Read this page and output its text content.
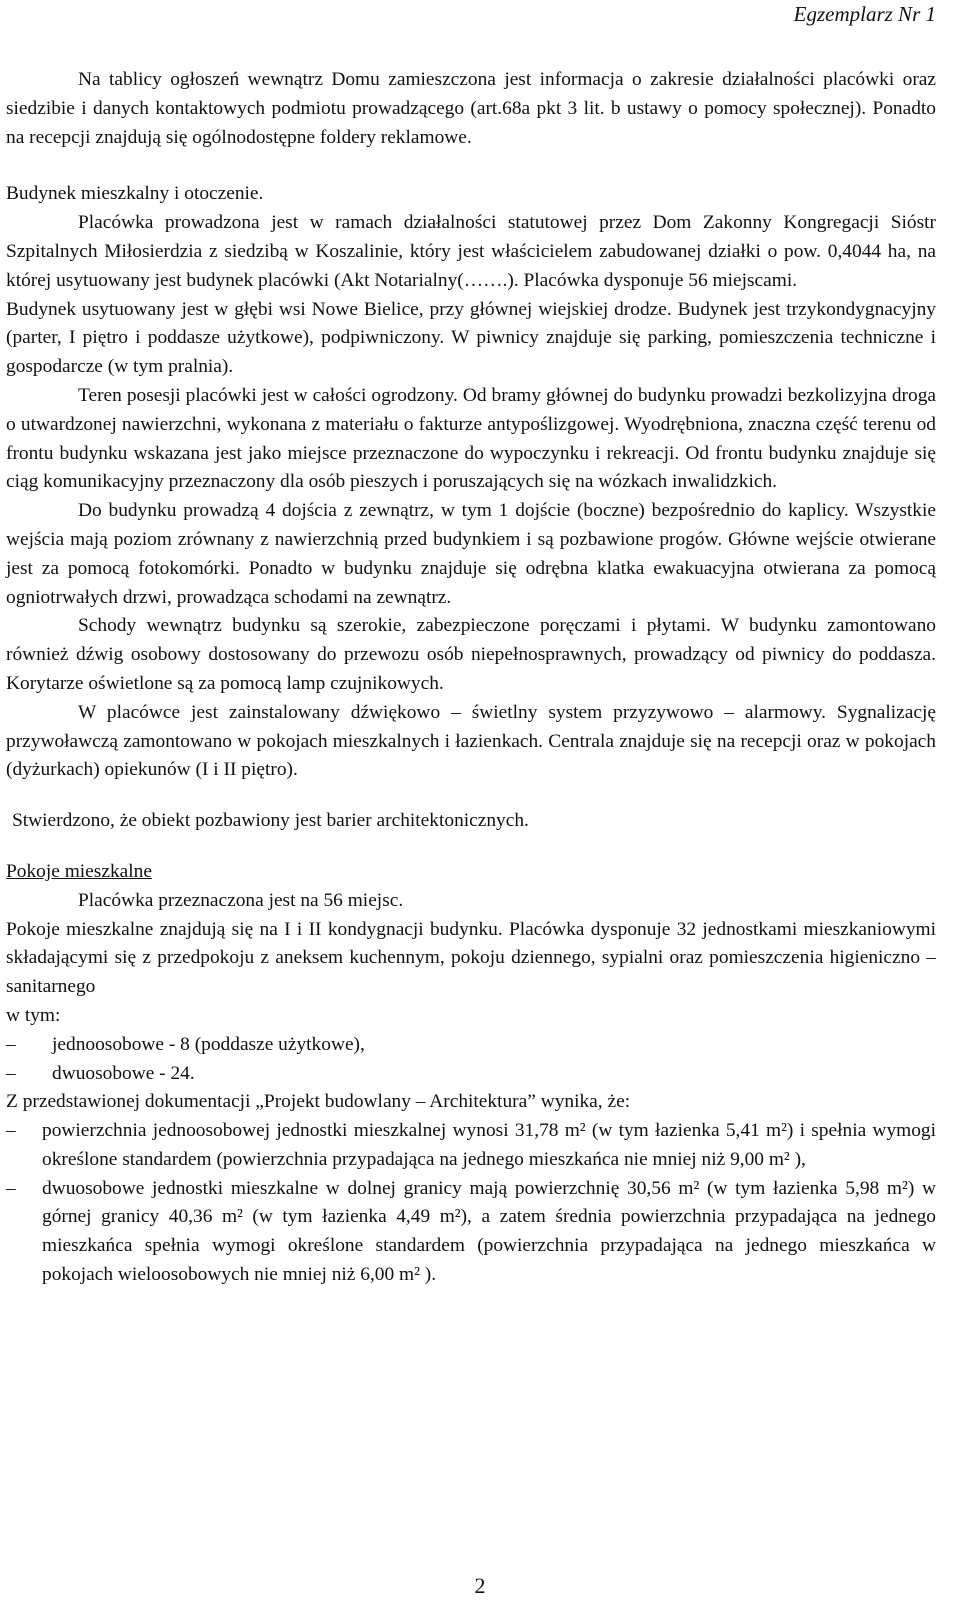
Egzemplarz Nr 1

Na tablicy ogłoszeń wewnątrz Domu zamieszczona jest informacja o zakresie działalności placówki oraz siedzibie i danych kontaktowych podmiotu prowadzącego (art.68a pkt 3 lit. b ustawy o pomocy społecznej). Ponadto na recepcji znajdują się ogólnodostępne foldery reklamowe.

Budynek mieszkalny i otoczenie.

Placówka prowadzona jest w ramach działalności statutowej przez Dom Zakonny Kongregacji Sióstr Szpitalnych Miłosierdzia z siedzibą w Koszalinie, który jest właścicielem zabudowanej działki o pow. 0,4044 ha, na której usytuowany jest budynek placówki (Akt Notarialny(…….). Placówka dysponuje 56 miejscami.

Budynek usytuowany jest w głębi wsi Nowe Bielice, przy głównej wiejskiej drodze. Budynek jest trzykondygnacyjny (parter, I piętro i poddasze użytkowe), podpiwniczony. W piwnicy znajduje się parking, pomieszczenia techniczne i gospodarcze (w tym pralnia).

Teren posesji placówki jest w całości ogrodzony. Od bramy głównej do budynku prowadzi bezkolizyjna droga o utwardzonej nawierzchni, wykonana z materiału o fakturze antypoślizgowej. Wyodrębniona, znaczna część terenu od frontu budynku wskazana jest jako miejsce przeznaczone do wypoczynku i rekreacji. Od frontu budynku znajduje się ciąg komunikacyjny przeznaczony dla osób pieszych i poruszających się na wózkach inwalidzkich.

Do budynku prowadzą 4 dojścia z zewnątrz, w tym 1 dojście (boczne) bezpośrednio do kaplicy. Wszystkie wejścia mają poziom zrównany z nawierzchnią przed budynkiem i są pozbawione progów. Główne wejście otwierane jest za pomocą fotokomórki. Ponadto w budynku znajduje się odrębna klatka ewakuacyjna otwierana za pomocą ogniotrwałych drzwi, prowadząca schodami na zewnątrz.

Schody wewnątrz budynku są szerokie, zabezpieczone poręczami i płytami. W budynku zamontowano również dźwig osobowy dostosowany do przewozu osób niepełnosprawnych, prowadzący od piwnicy do poddasza. Korytarze oświetlone są za pomocą lamp czujnikowych.

W placówce jest zainstalowany dźwiękowo – świetlny system przyzywowo – alarmowy. Sygnalizację przywoławczą zamontowano w pokojach mieszkalnych i łazienkach. Centrala znajduje się na recepcji oraz w pokojach (dyżurkach) opiekunów (I i II piętro).

Stwierdzono, że obiekt pozbawiony jest barier architektonicznych.

Pokoje mieszkalne

Placówka przeznaczona jest na 56 miejsc.

Pokoje mieszkalne znajdują się na I i II kondygnacji budynku. Placówka dysponuje 32 jednostkami mieszkaniowymi składającymi się z przedpokoju z aneksem kuchennym, pokoju dziennego, sypialni oraz pomieszczenia higieniczno – sanitarnego

w tym:

– jednoosobowe - 8 (poddasze użytkowe),
– dwuosobowe - 24.

Z przedstawionej dokumentacji „Projekt budowlany – Architektura” wynika, że:

– powierzchnia jednoosobowej jednostki mieszkalnej wynosi 31,78 m² (w tym łazienka 5,41 m²) i spełnia wymogi określone standardem (powierzchnia przypadająca na jednego mieszkańca nie mniej niż 9,00 m² ),
– dwuosobowe jednostki mieszkalne w dolnej granicy mają powierzchnię 30,56 m² (w tym łazienka 5,98 m²) w górnej granicy 40,36 m² (w tym łazienka 4,49 m²), a zatem średnia powierzchnia przypadająca na jednego mieszkańca spełnia wymogi określone standardem (powierzchnia przypadająca na jednego mieszkańca w pokojach wieloosobowych nie mniej niż 6,00 m² ).
2
